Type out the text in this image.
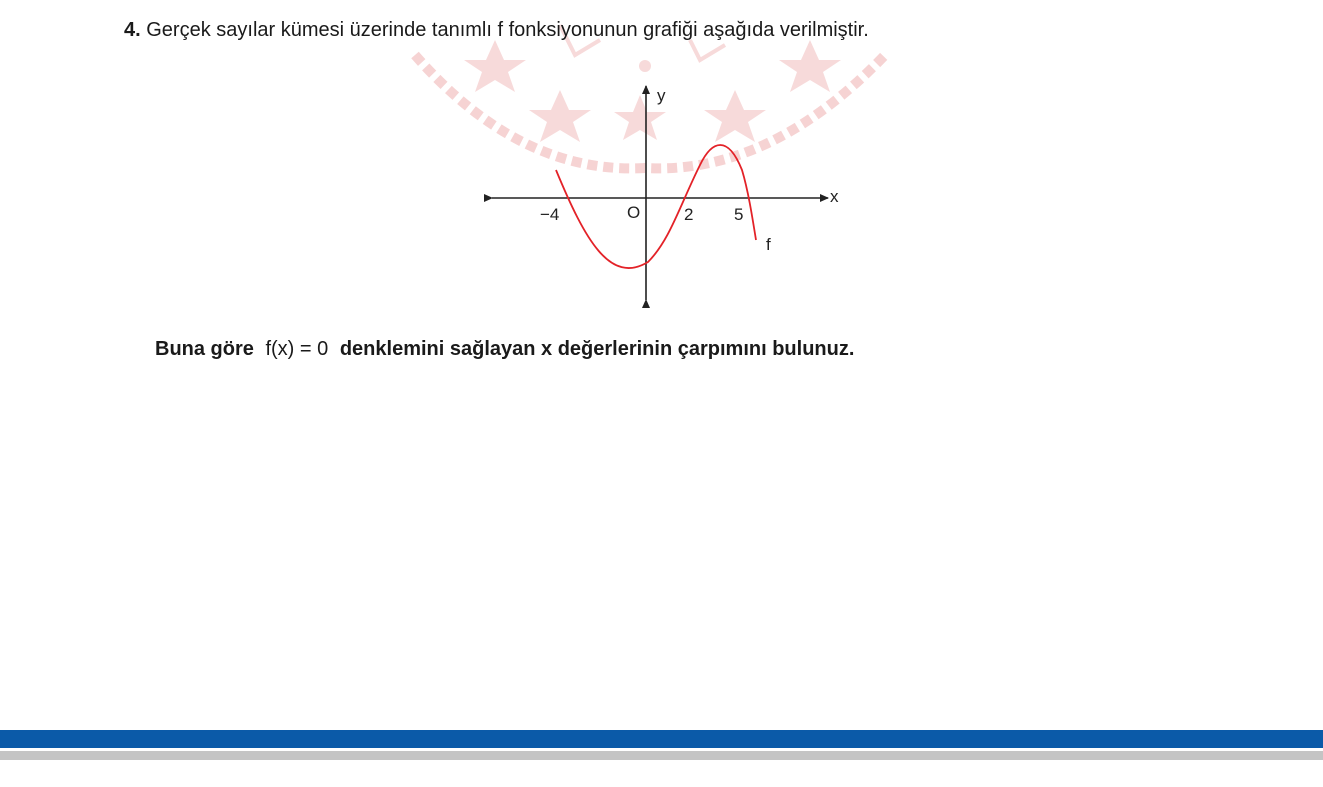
4. Gerçek sayılar kümesi üzerinde tanımlı f fonksiyonunun grafiği aşağıda verilmiştir.
y
x
O
−4	2 5
f
Buna göre f(x) = 0 denklemini sağlayan x değerlerinin çarpımını bulunuz.
